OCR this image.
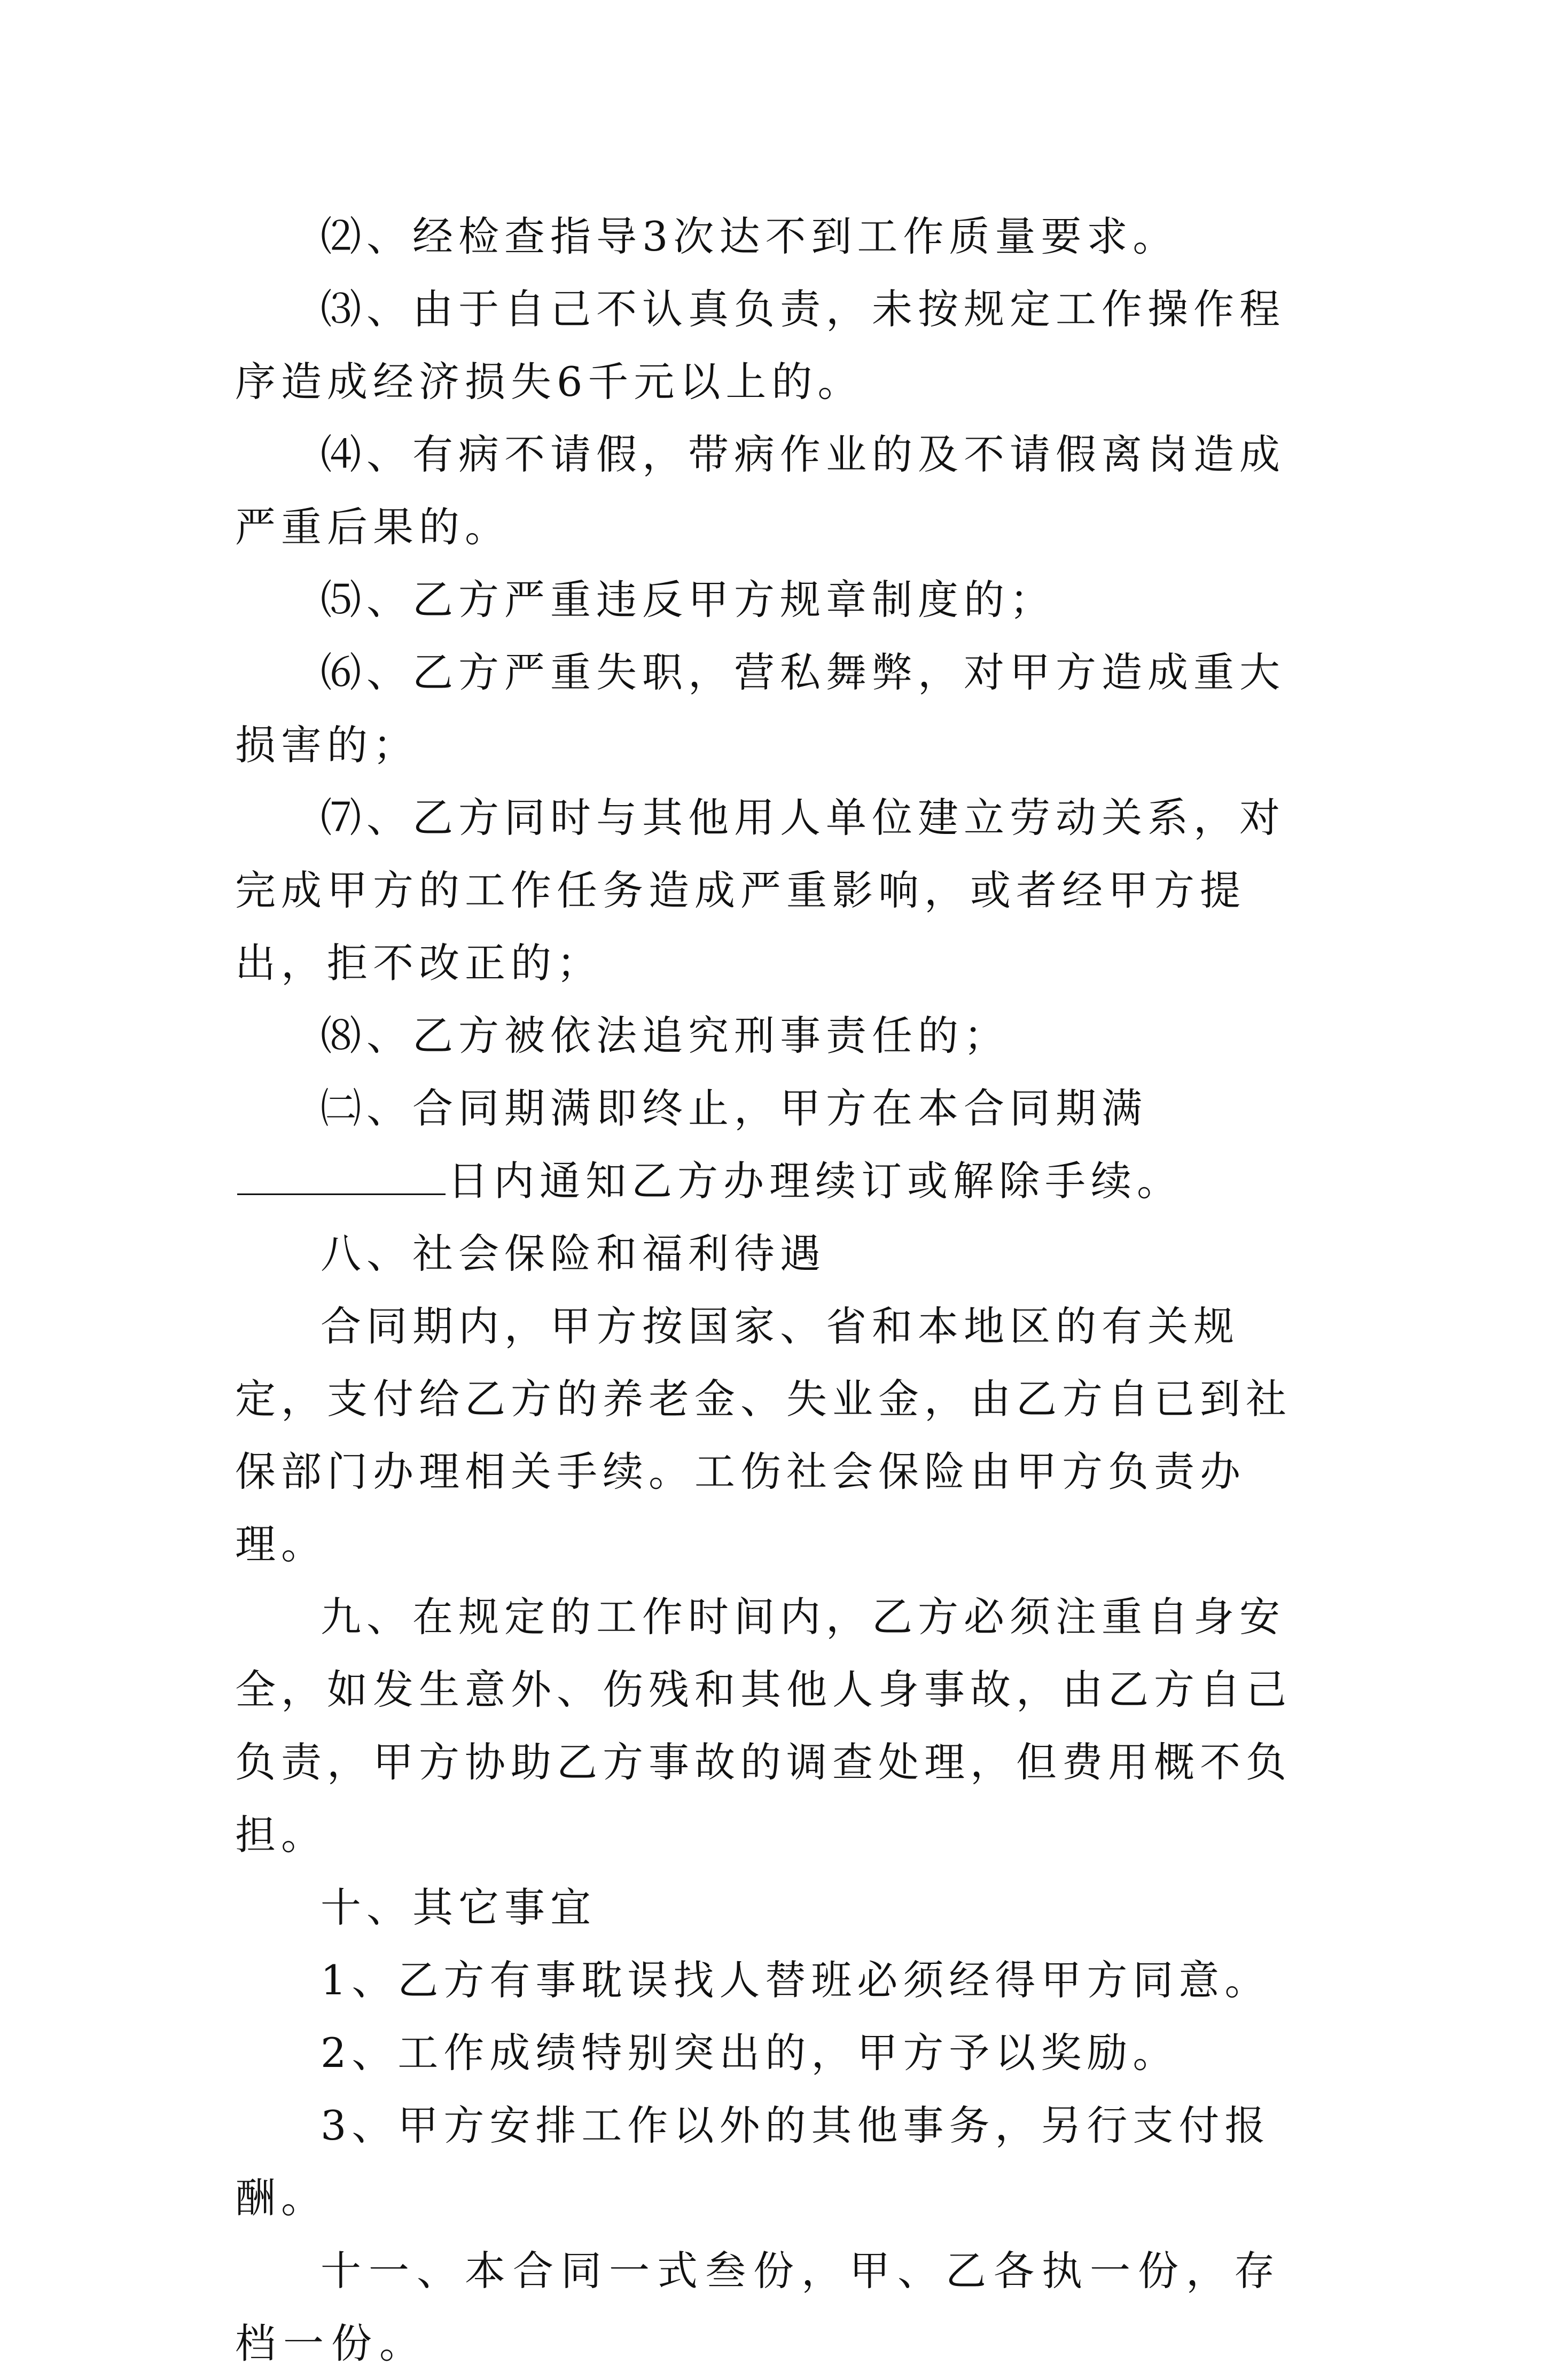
⑵、经检查指导3次达不到工作质量要求。

⑶、由于自己不认真负责，未按规定工作操作程序造成经济损失6千元以上的。

⑷、有病不请假，带病作业的及不请假离岗造成严重后果的。

⑸、乙方严重违反甲方规章制度的；

⑹、乙方严重失职，营私舞弊，对甲方造成重大损害的；

⑺、乙方同时与其他用人单位建立劳动关系，对完成甲方的工作任务造成严重影响，或者经甲方提出，拒不改正的；

⑻、乙方被依法追究刑事责任的；

㈡、合同期满即终止，甲方在本合同期满日内通知乙方办理续订或解除手续。

八、社会保险和福利待遇

合同期内，甲方按国家、省和本地区的有关规定，支付给乙方的养老金、失业金，由乙方自已到社保部门办理相关手续。工伤社会保险由甲方负责办理。

九、在规定的工作时间内，乙方必须注重自身安全，如发生意外、伤残和其他人身事故，由乙方自己负责，甲方协助乙方事故的调查处理，但费用概不负担。

十、其它事宜

1、乙方有事耽误找人替班必须经得甲方同意。

2、工作成绩特别突出的，甲方予以奖励。

3、甲方安排工作以外的其他事务，另行支付报酬。

十一、本合同一式叁份，甲、乙各执一份，存档一份。
